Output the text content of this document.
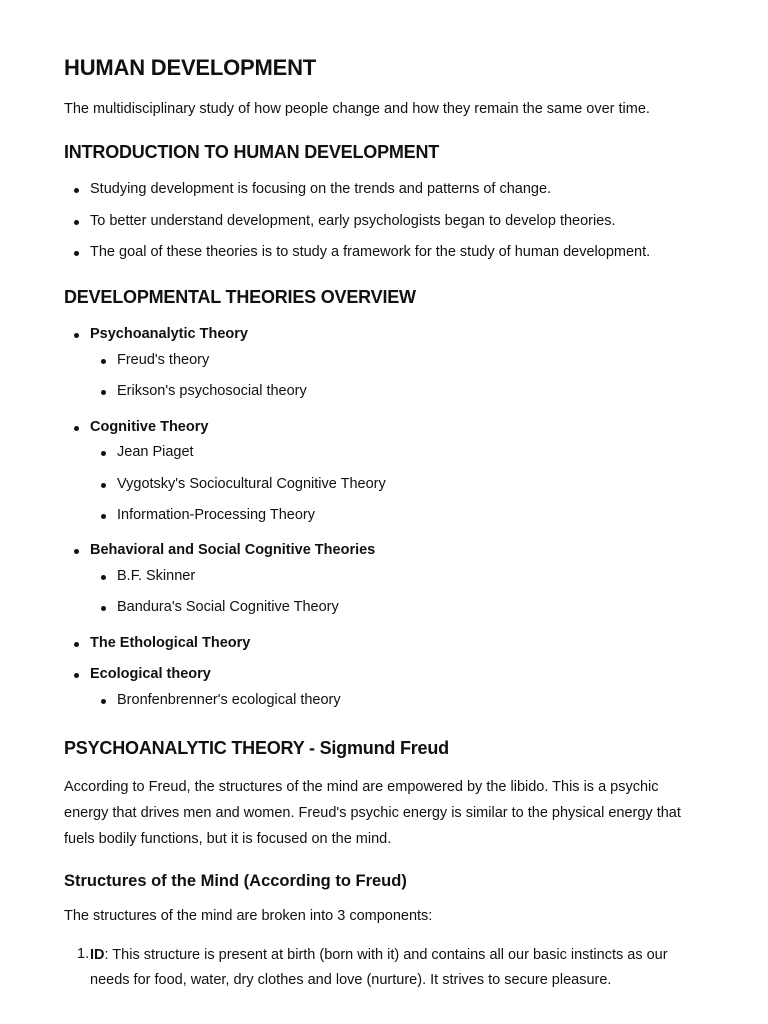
HUMAN DEVELOPMENT

The multidisciplinary study of how people change and how they remain the same over time.

INTRODUCTION TO HUMAN DEVELOPMENT
Studying development is focusing on the trends and patterns of change.
To better understand development, early psychologists began to develop theories.
The goal of these theories is to study a framework for the study of human development.
DEVELOPMENTAL THEORIES OVERVIEW
Psychoanalytic Theory
Freud's theory
Erikson's psychosocial theory
Cognitive Theory
Jean Piaget
Vygotsky's Sociocultural Cognitive Theory
Information-Processing Theory
Behavioral and Social Cognitive Theories
B.F. Skinner
Bandura's Social Cognitive Theory
The Ethological Theory
Ecological theory
Bronfenbrenner's ecological theory
PSYCHOANALYTIC THEORY - Sigmund Freud

According to Freud, the structures of the mind are empowered by the libido. This is a psychic energy that drives men and women. Freud's psychic energy is similar to the physical energy that fuels bodily functions, but it is focused on the mind.

Structures of the Mind (According to Freud)

The structures of the mind are broken into 3 components:

1. ID: This structure is present at birth (born with it) and contains all our basic instincts as our needs for food, water, dry clothes and love (nurture). It strives to secure pleasure.
